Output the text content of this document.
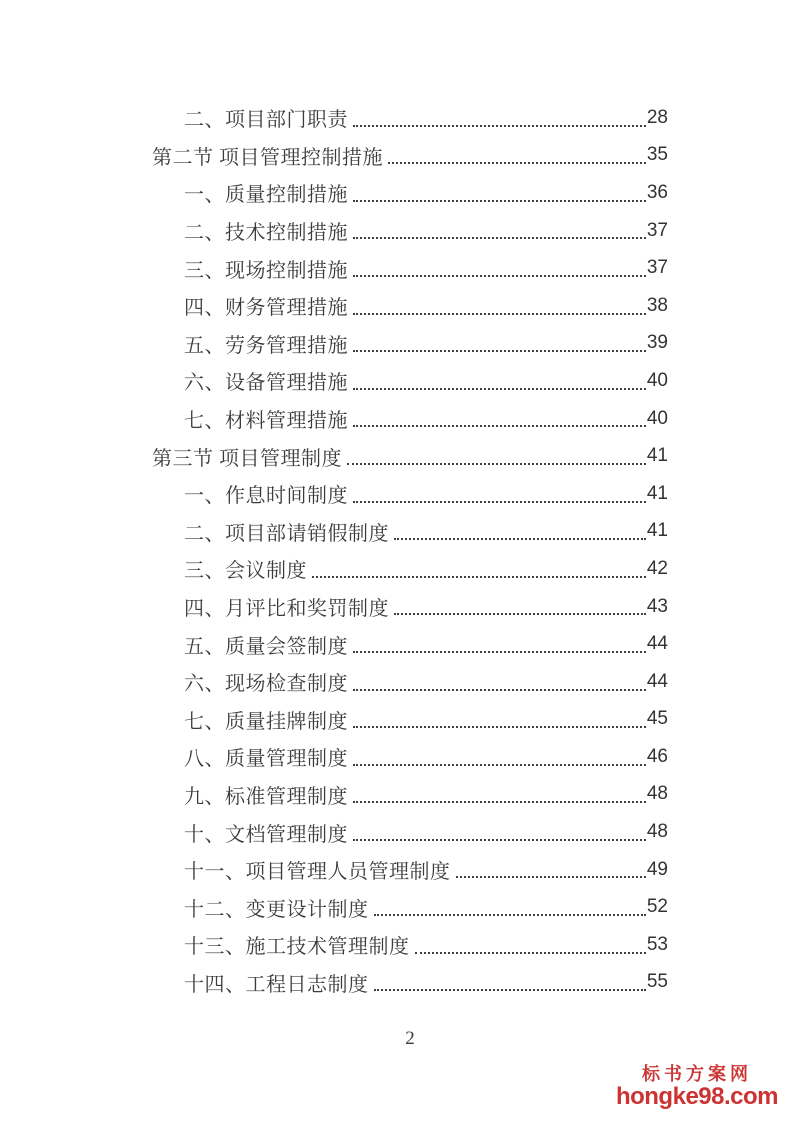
二、项目部门职责	28
第二节 项目管理控制措施	35
一、质量控制措施	36
二、技术控制措施	37
三、现场控制措施	37
四、财务管理措施	38
五、劳务管理措施	39
六、设备管理措施	40
七、材料管理措施	40
第三节 项目管理制度	41
一、作息时间制度	41
二、项目部请销假制度	41
三、会议制度	42
四、月评比和奖罚制度	43
五、质量会签制度	44
六、现场检查制度	44
七、质量挂牌制度	45
八、质量管理制度	46
九、标准管理制度	48
十、文档管理制度	48
十一、项目管理人员管理制度	49
十二、变更设计制度	52
十三、施工技术管理制度	53
十四、工程日志制度	55
2
标书方案网
hongke98.com
